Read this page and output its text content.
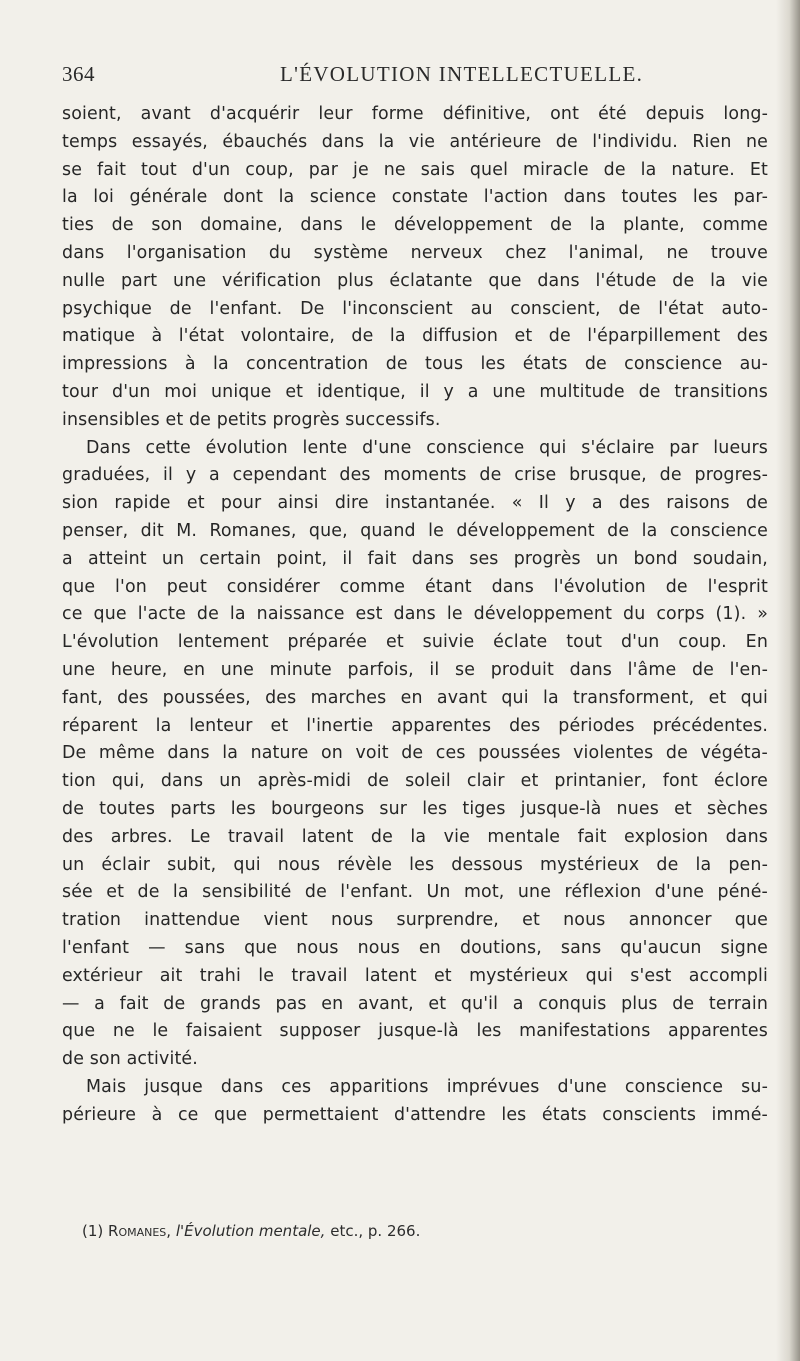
364	L'ÉVOLUTION INTELLECTUELLE.
soient, avant d'acquérir leur forme définitive, ont été depuis long-
temps essayés, ébauchés dans la vie antérieure de l'individu. Rien ne
se fait tout d'un coup, par je ne sais quel miracle de la nature. Et
la loi générale dont la science constate l'action dans toutes les par-
ties de son domaine, dans le développement de la plante, comme
dans l'organisation du système nerveux chez l'animal, ne trouve
nulle part une vérification plus éclatante que dans l'étude de la vie
psychique de l'enfant. De l'inconscient au conscient, de l'état auto-
matique à l'état volontaire, de la diffusion et de l'éparpillement des
impressions à la concentration de tous les états de conscience au-
tour d'un moi unique et identique, il y a une multitude de transitions
insensibles et de petits progrès successifs.
Dans cette évolution lente d'une conscience qui s'éclaire par lueurs
graduées, il y a cependant des moments de crise brusque, de progres-
sion rapide et pour ainsi dire instantanée. « Il y a des raisons de
penser, dit M. Romanes, que, quand le développement de la conscience
a atteint un certain point, il fait dans ses progrès un bond soudain,
que l'on peut considérer comme étant dans l'évolution de l'esprit
ce que l'acte de la naissance est dans le développement du corps (1). »
L'évolution lentement préparée et suivie éclate tout d'un coup. En
une heure, en une minute parfois, il se produit dans l'âme de l'en-
fant, des poussées, des marches en avant qui la transforment, et qui
réparent la lenteur et l'inertie apparentes des périodes précédentes.
De même dans la nature on voit de ces poussées violentes de végéta-
tion qui, dans un après-midi de soleil clair et printanier, font éclore
de toutes parts les bourgeons sur les tiges jusque-là nues et sèches
des arbres. Le travail latent de la vie mentale fait explosion dans
un éclair subit, qui nous révèle les dessous mystérieux de la pen-
sée et de la sensibilité de l'enfant. Un mot, une réflexion d'une péné-
tration inattendue vient nous surprendre, et nous annoncer que
l'enfant — sans que nous nous en doutions, sans qu'aucun signe
extérieur ait trahi le travail latent et mystérieux qui s'est accompli
— a fait de grands pas en avant, et qu'il a conquis plus de terrain
que ne le faisaient supposer jusque-là les manifestations apparentes
de son activité.
Mais jusque dans ces apparitions imprévues d'une conscience su-
périeure à ce que permettaient d'attendre les états conscients immé-
(1) Romanes, l'Évolution mentale, etc., p. 266.
